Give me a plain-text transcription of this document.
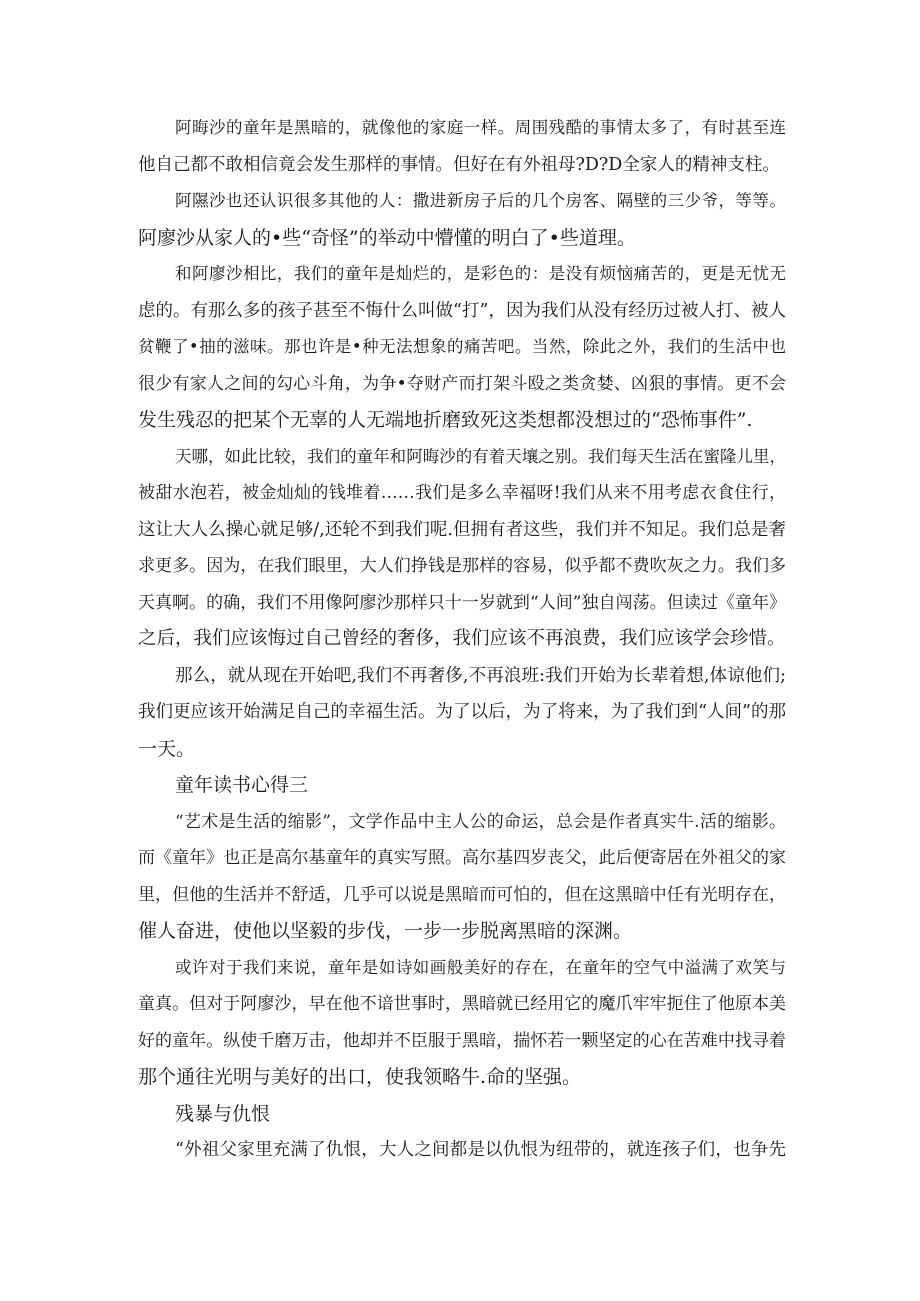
阿晦沙的童年是黑暗的，就像他的家庭一样。周围残酷的事情太多了，有时甚至连
他自己都不敢相信竟会发生那样的事情。但好在有外祖母?D?D全家人的精神支柱。
阿隰沙也还认识很多其他的人：撒进新房子后的几个房客、隔壁的三少爷，等等。
阿廖沙从家人的•些“奇怪”的举动中懵懂的明白了•些道理。
和阿廖沙相比，我们的童年是灿烂的，是彩色的：是没有烦恼痛苦的，更是无忧无
虑的。有那么多的孩子甚至不悔什么叫做“打”，因为我们从没有经历过被人打、被人
贫鞭了•抽的滋味。那也许是•种无法想象的痛苦吧。当然，除此之外，我们的生活中也
很少有家人之间的勾心斗角，为争•夺财产而打架斗殴之类贪婪、凶狠的事情。更不会
发生残忍的把某个无辜的人无端地折磨致死这类想都没想过的“恐怖事件”.
天哪，如此比较，我们的童年和阿晦沙的有着天壤之别。我们每天生活在蜜隆儿里，
被甜水泡若，被金灿灿的钱堆着……我们是多么幸福呀!我们从来不用考虑衣食住行，
这让大人么操心就足够/,还轮不到我们呢.但拥有者这些，我们并不知足。我们总是奢
求更多。因为，在我们眼里，大人们挣钱是那样的容易，似乎都不费吹灰之力。我们多
天真啊。的确，我们不用像阿廖沙那样只十一岁就到“人间”独自闯荡。但读过《童年》
之后，我们应该悔过自己曾经的奢侈，我们应该不再浪费，我们应该学会珍惜。
那么，就从现在开始吧,我们不再奢侈,不再浪班:我们开始为长辈着想,体谅他们;
我们更应该开始满足自己的幸福生活。为了以后，为了将来，为了我们到“人间”的那
一天。
童年读书心得三
“艺术是生活的缩影”，文学作品中主人公的命运，总会是作者真实牛.活的缩影。
而《童年》也正是高尔基童年的真实写照。高尔基四岁丧父，此后便寄居在外祖父的家
里，但他的生活并不舒适，几乎可以说是黑暗而可怕的，但在这黑暗中任有光明存在，
催人奋进，使他以坚毅的步伐，一步一步脱离黑暗的深渊。
或许对于我们来说，童年是如诗如画般美好的存在，在童年的空气中溢满了欢笑与
童真。但对于阿廖沙，早在他不谙世事时，黑暗就已经用它的魔爪牢牢扼住了他原本美
好的童年。纵使千磨万击，他却并不臣服于黑暗，揣怀若一颗坚定的心在苦难中找寻着
那个通往光明与美好的出口，使我领略牛.命的坚强。
残暴与仇恨
“外祖父家里充满了仇恨，大人之间都是以仇恨为纽带的，就连孩子们，也争先
